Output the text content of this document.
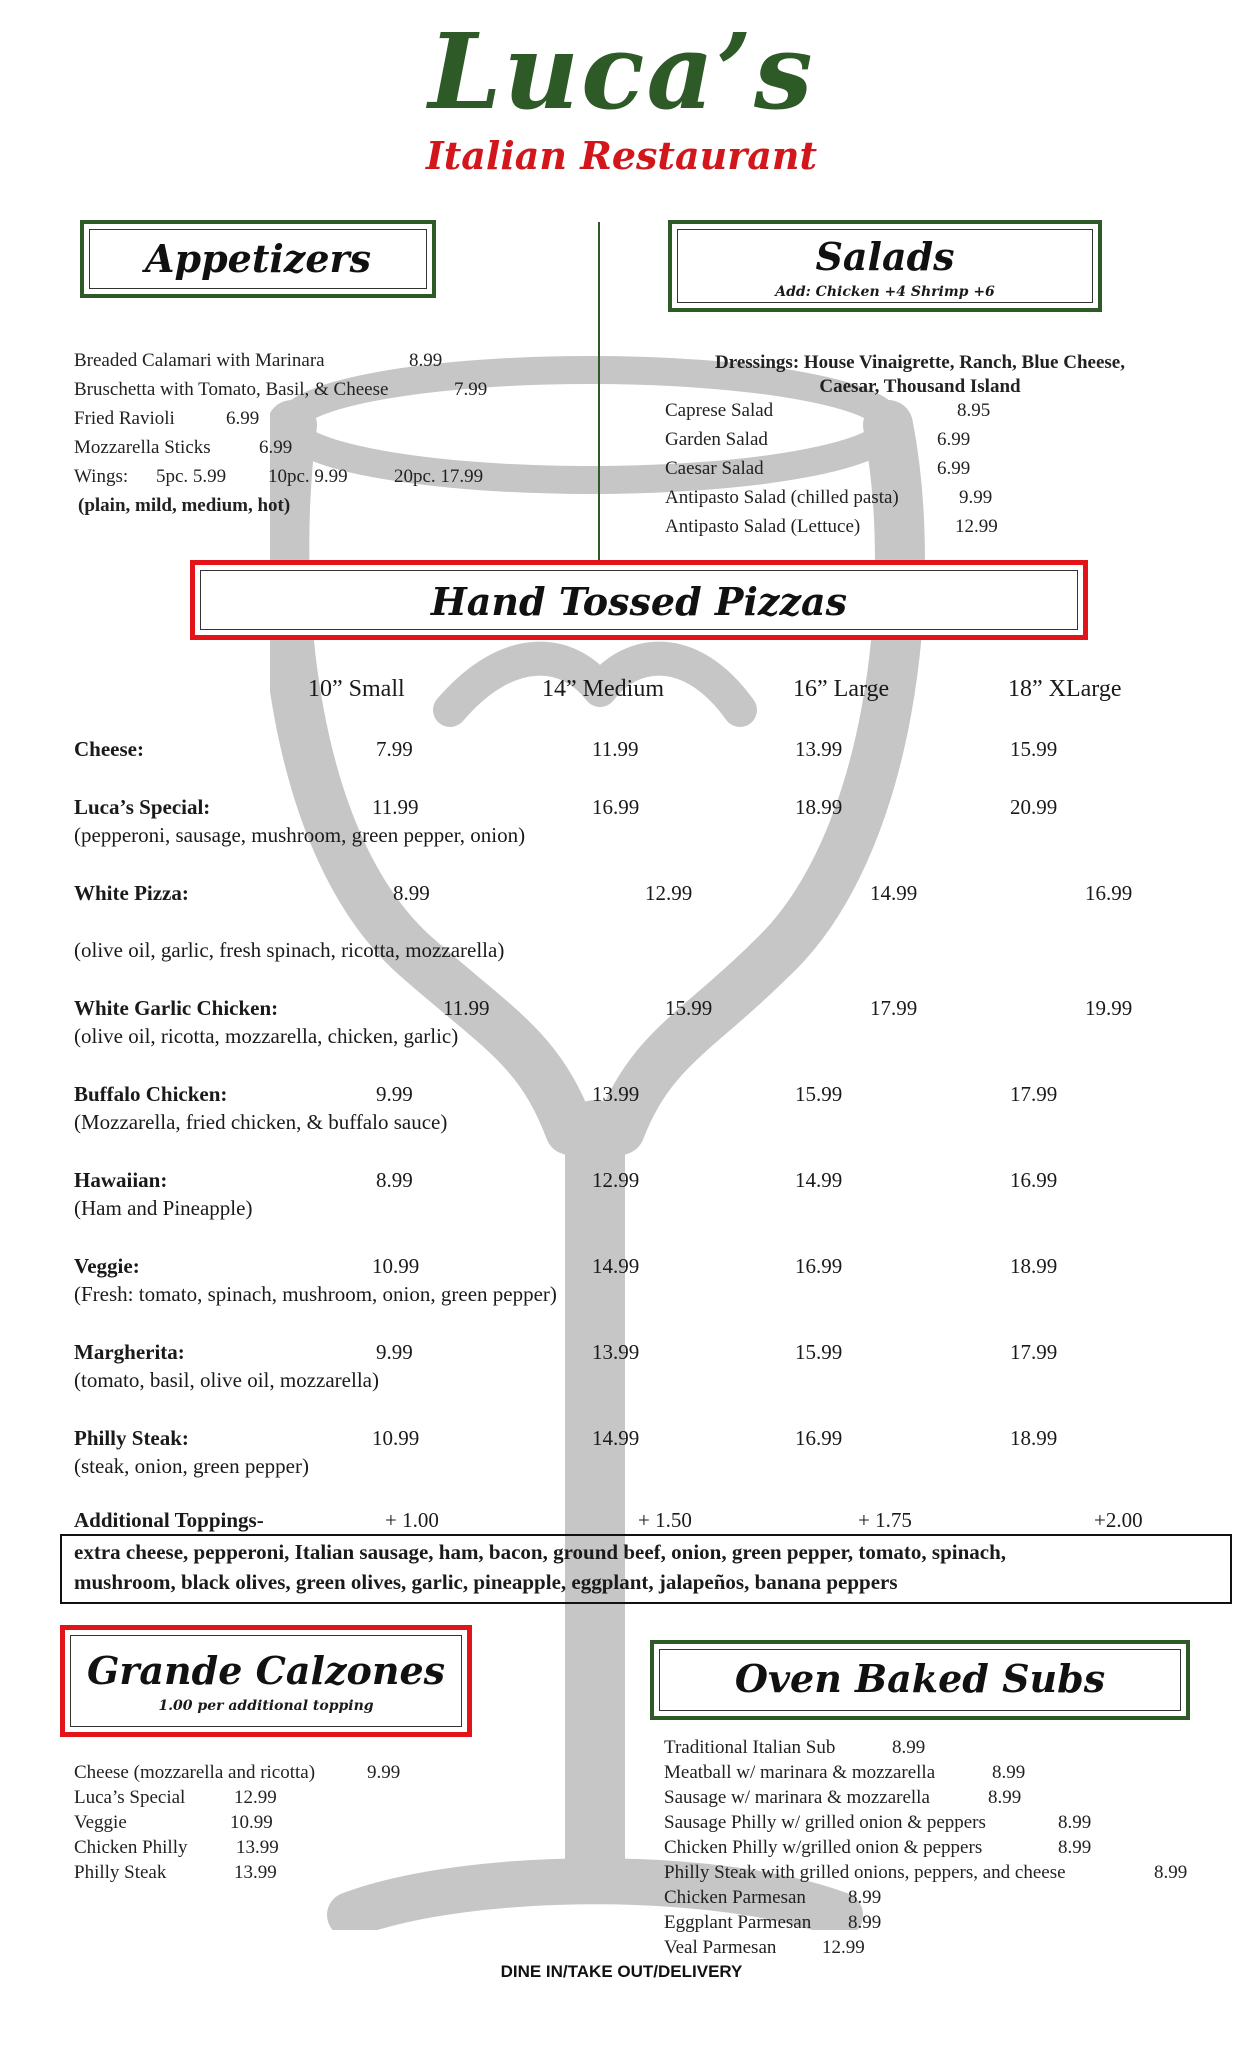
Luca’s
Italian Restaurant
Appetizers
Breaded Calamari with Marinara	8.99
Bruschetta with Tomato, Basil, & Cheese	7.99
Fried Ravioli	6.99
Mozzarella Sticks	6.99
Wings: 5pc. 5.99 10pc. 9.99 20pc. 17.99
(plain, mild, medium, hot)
Salads
Add: Chicken +4 Shrimp +6
Dressings: House Vinaigrette, Ranch, Blue Cheese,
Caesar, Thousand Island
Caprese Salad	8.95
Garden Salad	6.99
Caesar Salad	6.99
Antipasto Salad (chilled pasta)	9.99
Antipasto Salad (Lettuce)	12.99
Hand Tossed Pizzas
10” Small	14” Medium	16” Large	18” XLarge
Cheese:	7.99	11.99	13.99	15.99
Luca’s Special:	11.99	16.99	18.99	20.99
(pepperoni, sausage, mushroom, green pepper, onion)
White Pizza:	8.99	12.99	14.99	16.99
(olive oil, garlic, fresh spinach, ricotta, mozzarella)
White Garlic Chicken:	11.99	15.99	17.99	19.99
(olive oil, ricotta, mozzarella, chicken, garlic)
Buffalo Chicken:	9.99	13.99	15.99	17.99
(Mozzarella, fried chicken, & buffalo sauce)
Hawaiian:	8.99	12.99	14.99	16.99
(Ham and Pineapple)
Veggie:	10.99	14.99	16.99	18.99
(Fresh: tomato, spinach, mushroom, onion, green pepper)
Margherita:	9.99	13.99	15.99	17.99
(tomato, basil, olive oil, mozzarella)
Philly Steak:	10.99	14.99	16.99	18.99
(steak, onion, green pepper)
Additional Toppings-	+ 1.00	+ 1.50	+ 1.75	+2.00
extra cheese, pepperoni, Italian sausage, ham, bacon, ground beef, onion, green pepper, tomato, spinach,
mushroom, black olives, green olives, garlic, pineapple, eggplant, jalapeños, banana peppers
Grande Calzones
1.00 per additional topping
Cheese (mozzarella and ricotta)	9.99
Luca’s Special	12.99
Veggie	10.99
Chicken Philly	13.99
Philly Steak	13.99
Oven Baked Subs
Traditional Italian Sub	8.99
Meatball w/ marinara & mozzarella	8.99
Sausage w/ marinara & mozzarella	8.99
Sausage Philly w/ grilled onion & peppers	8.99
Chicken Philly w/grilled onion & peppers	8.99
Philly Steak with grilled onions, peppers, and cheese	8.99
Chicken Parmesan 8.99
Eggplant Parmesan 8.99
Veal Parmesan 12.99
DINE IN/TAKE OUT/DELIVERY
